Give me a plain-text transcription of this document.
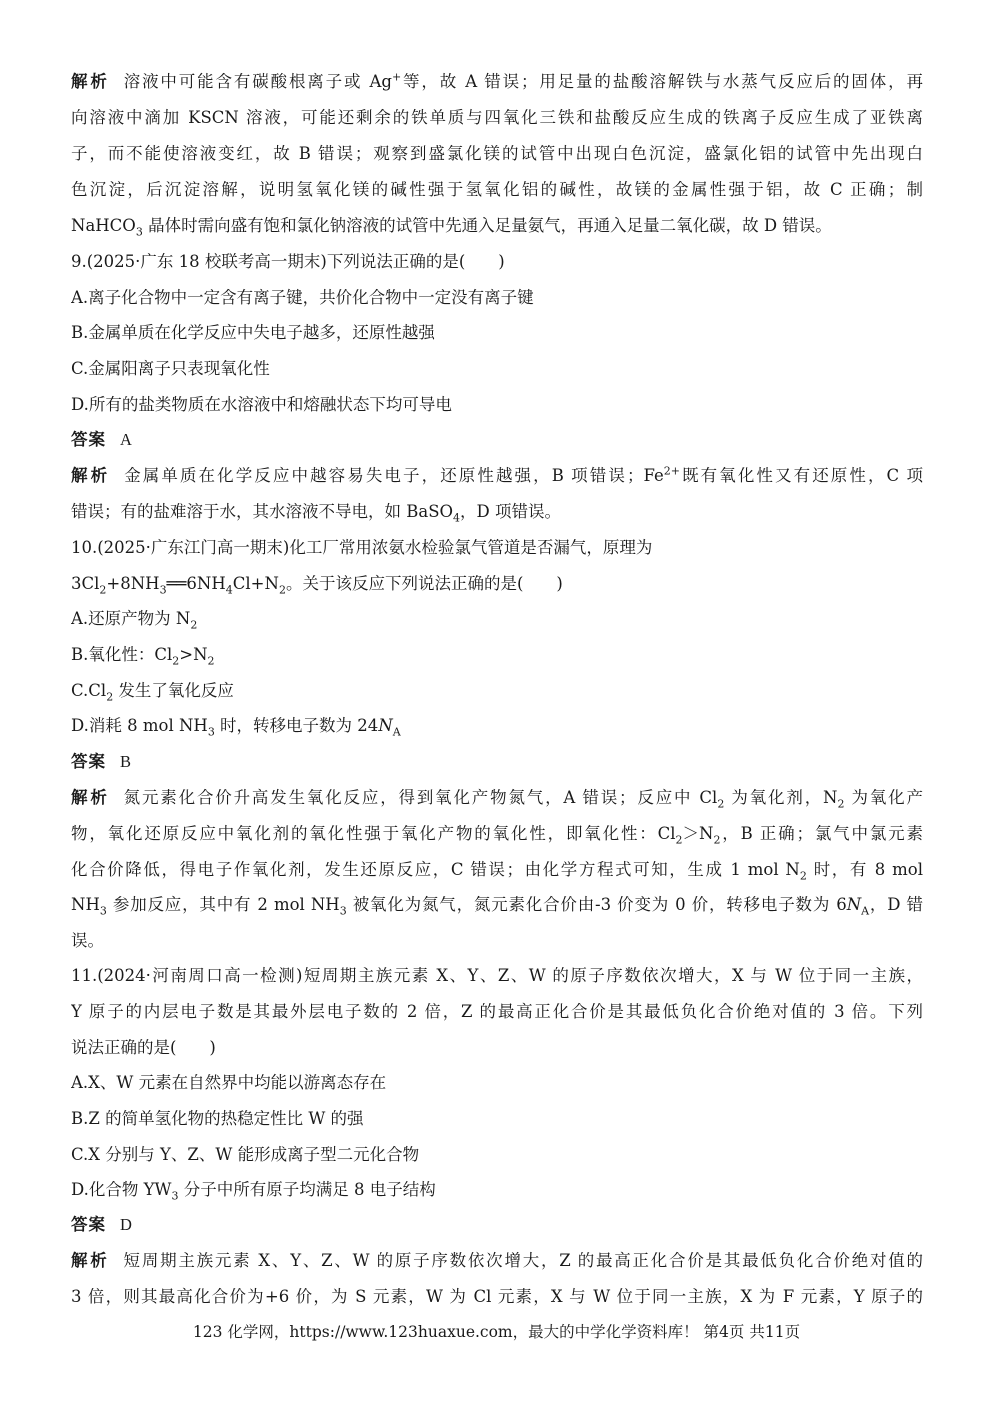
解析 溶液中可能含有碳酸根离子或 Ag+等，故 A 错误；用足量的盐酸溶解铁与水蒸气反应后的固体，再
向溶液中滴加 KSCN 溶液，可能还剩余的铁单质与四氧化三铁和盐酸反应生成的铁离子反应生成了亚铁离
子，而不能使溶液变红，故 B 错误；观察到盛氯化镁的试管中出现白色沉淀，盛氯化铝的试管中先出现白
色沉淀，后沉淀溶解，说明氢氧化镁的碱性强于氢氧化铝的碱性，故镁的金属性强于铝，故 C 正确；制
NaHCO$_3$ 晶体时需向盛有饱和氯化钠溶液的试管中先通入足量氨气，再通入足量二氧化碳，故 D 错误。
9.(2025·广东 18 校联考高一期末)下列说法正确的是(　　)
A.离子化合物中一定含有离子键，共价化合物中一定没有离子键
B.金属单质在化学反应中失电子越多，还原性越强
C.金属阳离子只表现氧化性
D.所有的盐类物质在水溶液中和熔融状态下均可导电
答案 A
解析 金属单质在化学反应中越容易失电子，还原性越强，B 项错误；$Fe^{2+}$既有氧化性又有还原性，C 项
错误；有的盐难溶于水，其水溶液不导电，如 BaSO$_4$，D 项错误。
10.(2025·广东江门高一期末)化工厂常用浓氨水检验氯气管道是否漏气，原理为
$3Cl_2+8NH_3══6NH_4Cl+N_2$。关于该反应下列说法正确的是(　　)
A.还原产物为 $N_2$
B.氧化性：$Cl_2>N_2$
$C.Cl_2$ 发生了氧化反应
D.消耗 8 mol $NH_3$ 时，转移电子数为 $24N_A$
答案 B
解析 氮元素化合价升高发生氧化反应，得到氧化产物氮气，A 错误；反应中 $Cl_2$ 为氧化剂，$N_2$ 为氧化产
物，氧化还原反应中氧化剂的氧化性强于氧化产物的氧化性，即氧化性：$Cl_2>N_2$，B 正确；氯气中氯元素
化合价降低，得电子作氧化剂，发生还原反应，C 错误；由化学方程式可知，生成 1 mol $N_2$ 时，有 8 mol
$NH_3$ 参加反应，其中有 2 mol $NH_3$ 被氧化为氮气，氮元素化合价由-3 价变为 0 价，转移电子数为 $6N_A$，D 错
误。
11.(2024·河南周口高一检测)短周期主族元素 X、Y、Z、W 的原子序数依次增大，X 与 W 位于同一主族，
Y 原子的内层电子数是其最外层电子数的 2 倍，Z 的最高正化合价是其最低负化合价绝对值的 3 倍。下列
说法正确的是(　　)
A.X、W 元素在自然界中均能以游离态存在
B.Z 的简单氢化物的热稳定性比 W 的强
C.X 分别与 Y、Z、W 能形成离子型二元化合物
D.化合物 $YW_3$ 分子中所有原子均满足 8 电子结构
答案 D
解析 短周期主族元素 X、Y、Z、W 的原子序数依次增大，Z 的最高正化合价是其最低负化合价绝对值的
3 倍，则其最高化合价为+6 价，为 S 元素，W 为 Cl 元素，X 与 W 位于同一主族，X 为 F 元素，Y 原子的
123 化学网，https://www.123huaxue.com，最大的中学化学资料库！ 第4页 共11页
